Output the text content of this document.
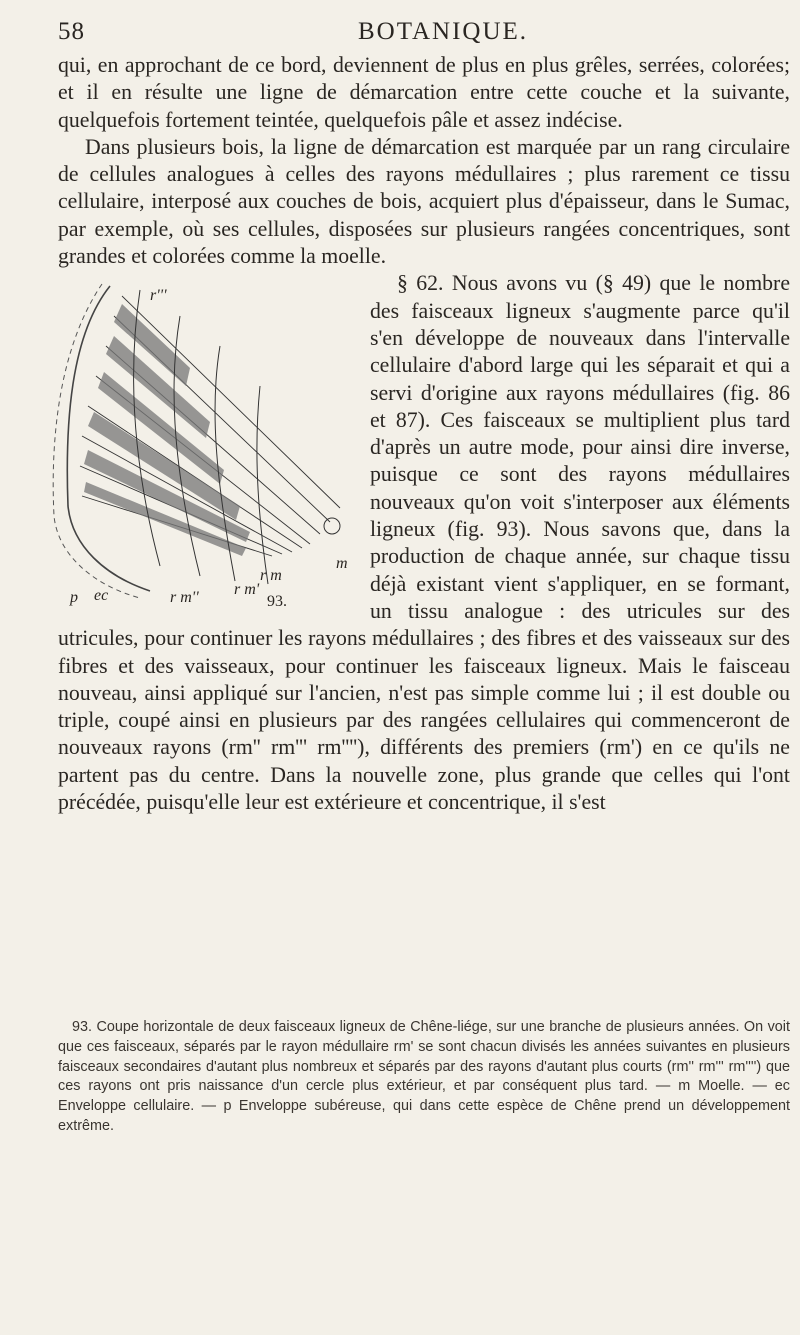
58	BOTANIQUE.

qui, en approchant de ce bord, deviennent de plus en plus grêles, serrées, colorées; et il en résulte une ligne de démarcation entre cette couche et la suivante, quelquefois fortement teintée, quelquefois pâle et assez indécise.

Dans plusieurs bois, la ligne de démarcation est marquée par un rang circulaire de cellules analogues à celles des rayons médullaires ; plus rarement ce tissu cellulaire, interposé aux couches de bois, acquiert plus d'épaisseur, dans le Sumac, par exemple, où ses cellules, disposées sur plusieurs rangées concentriques, sont grandes et colorées comme la moelle.

r'''
m
r m
r m'
r m''
ec
p	93.
§ 62. Nous avons vu (§ 49) que le nombre des faisceaux ligneux s'augmente parce qu'il s'en développe de nouveaux dans l'intervalle cellulaire d'abord large qui les séparait et qui a servi d'origine aux rayons médullaires (fig. 86 et 87). Ces faisceaux se multiplient plus tard d'après un autre mode, pour ainsi dire inverse, puisque ce sont des rayons médullaires nouveaux qu'on voit s'interposer aux éléments ligneux (fig. 93). Nous savons que, dans la production de chaque année, sur chaque tissu déjà existant vient s'appliquer, en se formant, un tissu analogue : des utricules sur des utricules, pour continuer les rayons médullaires ; des fibres et des vaisseaux sur des fibres et des vaisseaux, pour continuer les faisceaux ligneux. Mais le faisceau nouveau, ainsi appliqué sur l'ancien, n'est pas simple comme lui ; il est double ou triple, coupé ainsi en plusieurs par des rangées cellulaires qui commenceront de nouveaux rayons (rm'' rm''' rm''''), différents des premiers (rm') en ce qu'ils ne partent pas du centre. Dans la nouvelle zone, plus grande que celles qui l'ont précédée, puisqu'elle leur est extérieure et concentrique, il s'est

93. Coupe horizontale de deux faisceaux ligneux de Chêne-liége, sur une branche de plusieurs années. On voit que ces faisceaux, séparés par le rayon médullaire rm' se sont chacun divisés les années suivantes en plusieurs faisceaux secondaires d'autant plus nombreux et séparés par des rayons d'autant plus courts (rm'' rm''' rm'''') que ces rayons ont pris naissance d'un cercle plus extérieur, et par conséquent plus tard. — m Moelle. — ec Enveloppe cellulaire. — p Enveloppe subéreuse, qui dans cette espèce de Chêne prend un développement extrême.
